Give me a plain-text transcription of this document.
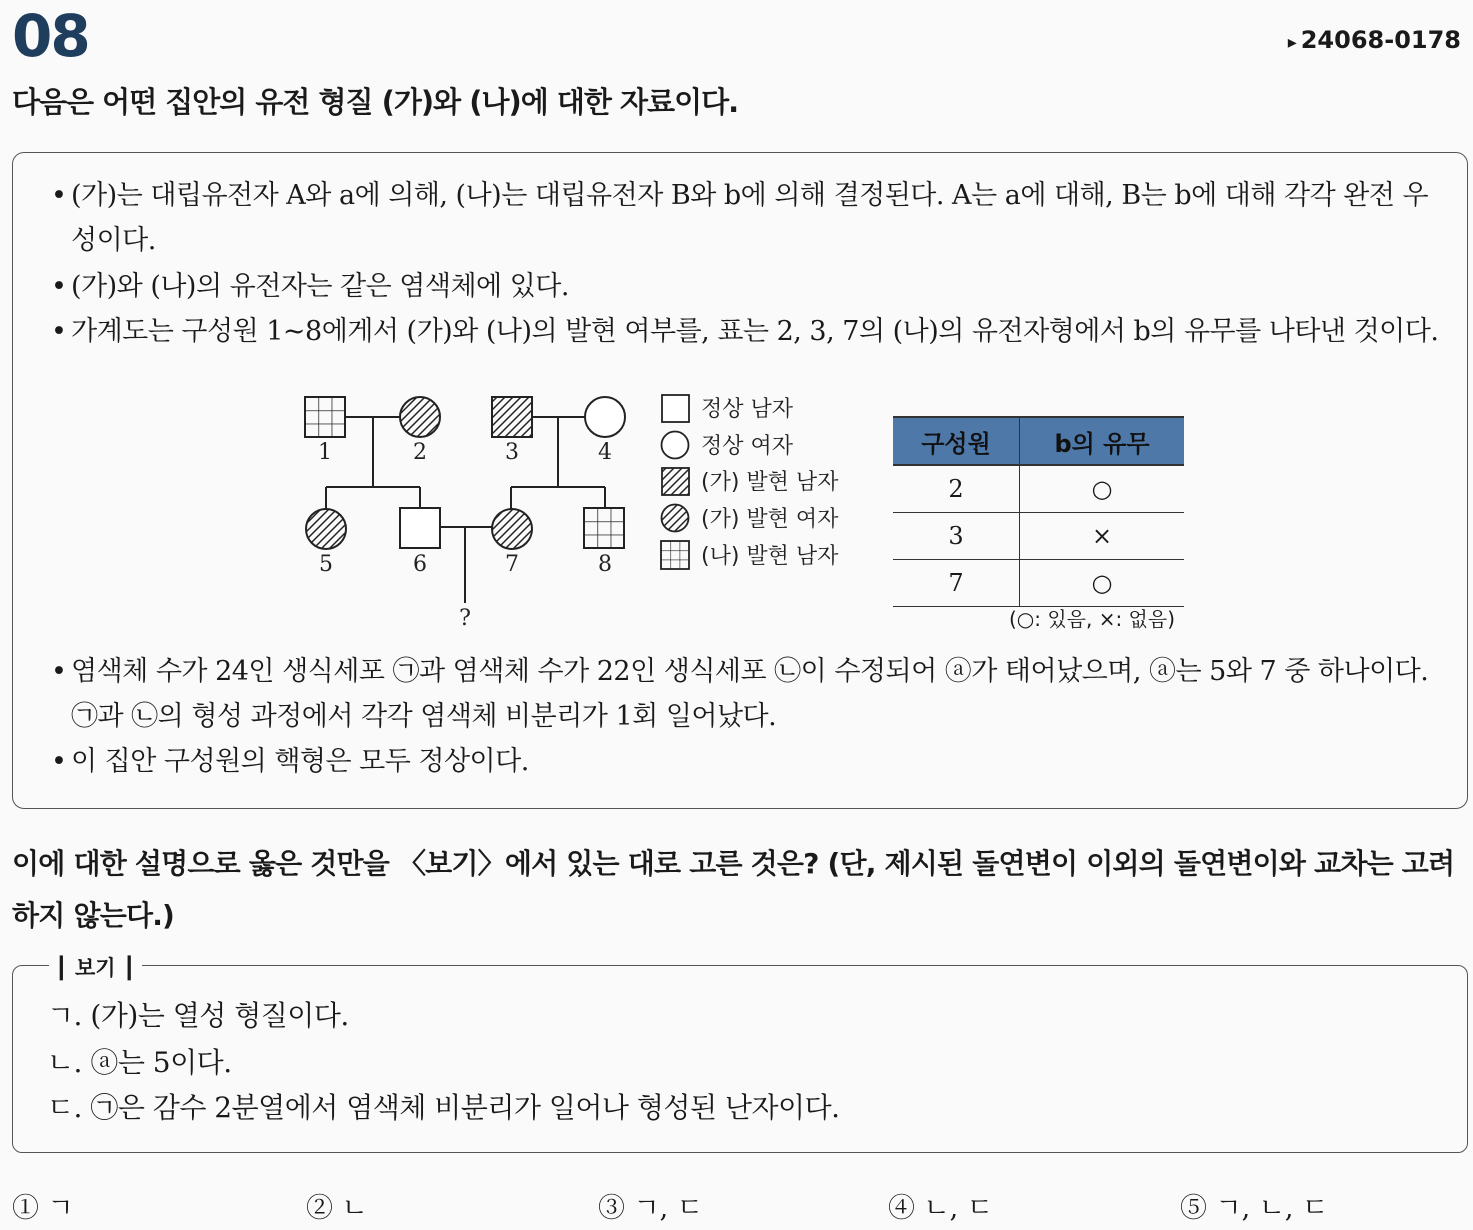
08	▸ 24068-0178
다음은 어떤 집안의 유전 형질 (가)와 (나)에 대한 자료이다.
• (가)는 대립유전자 A와 a에 의해, (나)는 대립유전자 B와 b에 의해 결정된다. A는 a에 대해, B는 b에 대해 각각 완전 우성이다.
• (가)와 (나)의 유전자는 같은 염색체에 있다.
• 가계도는 구성원 1~8에게서 (가)와 (나)의 발현 여부를, 표는 2, 3, 7의 (나)의 유전자형에서 b의 유무를 나타낸 것이다.
1	2	3	4
5	6	7	8
?
정상 남자
정상 여자
(가) 발현 남자
(가) 발현 여자
(나) 발현 남자
구성원	b의 유무
2	○
3	×
7	○
(○: 있음, ×: 없음)
• 염색체 수가 24인 생식세포 ㉠과 염색체 수가 22인 생식세포 ㉡이 수정되어 ⓐ가 태어났으며, ⓐ는 5와 7 중 하나이다. ㉠과 ㉡의 형성 과정에서 각각 염색체 비분리가 1회 일어났다.
• 이 집안 구성원의 핵형은 모두 정상이다.
이에 대한 설명으로 옳은 것만을 〈보기〉에서 있는 대로 고른 것은? (단, 제시된 돌연변이 이외의 돌연변이와 교차는 고려하지 않는다.)
┃ 보기 ┃
ㄱ. (가)는 열성 형질이다.
ㄴ. ⓐ는 5이다.
ㄷ. ㉠은 감수 2분열에서 염색체 비분리가 일어나 형성된 난자이다.
① ㄱ	② ㄴ	③ ㄱ, ㄷ	④ ㄴ, ㄷ	⑤ ㄱ, ㄴ, ㄷ
